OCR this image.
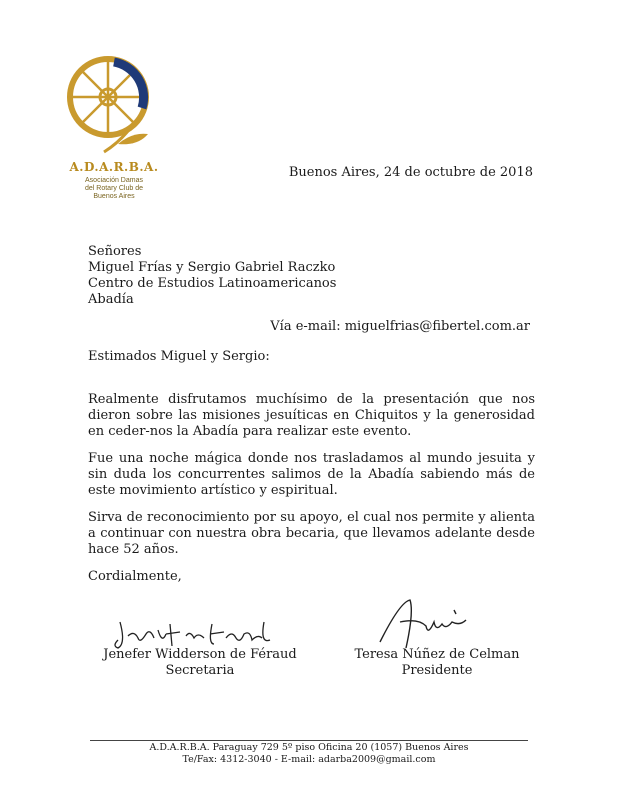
A.D.A.R.B.A.
Asociación Damas
del Rotary Club de
Buenos Aires
Buenos Aires, 24 de octubre de 2018
Señores
Miguel Frías y Sergio Gabriel Raczko
Centro de Estudios Latinoamericanos
Abadía
Vía e-mail: miguelfrias@fibertel.com.ar
Estimados Miguel y Sergio:

Realmente disfrutamos muchísimo de la presentación que nos dieron sobre las misiones jesuíticas en Chiquitos y la generosidad en ceder-nos la Abadía para realizar este evento.

Fue una noche mágica donde nos trasladamos al mundo jesuita y sin duda los concurrentes salimos de la Abadía sabiendo más de este movimiento artístico y espiritual.

Sirva de reconocimiento por su apoyo, el cual nos permite y alienta a continuar con nuestra obra becaria, que llevamos adelante desde hace 52 años.

Cordialmente,
Jenefer Widderson de Féraud
Secretaria
Teresa Núñez de Celman
Presidente
A.D.A.R.B.A. Paraguay 729 5º piso Oficina 20 (1057) Buenos Aires
Te/Fax: 4312-3040 - E-mail: adarba2009@gmail.com
